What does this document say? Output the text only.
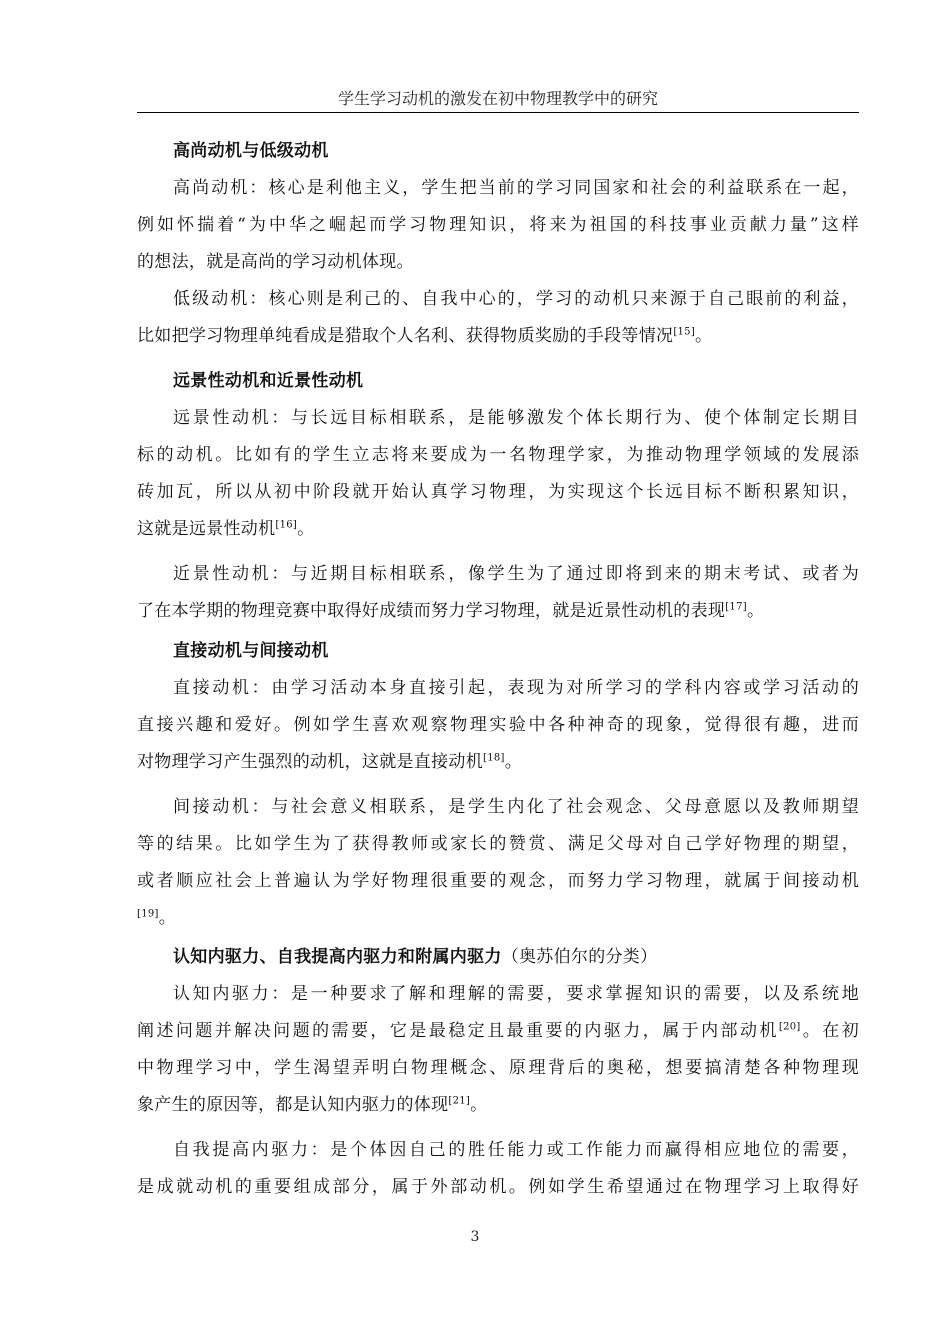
学生学习动机的激发在初中物理教学中的研究
高尚动机与低级动机
高尚动机：核心是利他主义，学生把当前的学习同国家和社会的利益联系在一起，
例如怀揣着“为中华之崛起而学习物理知识，将来为祖国的科技事业贡献力量”这样
的想法，就是高尚的学习动机体现。
低级动机：核心则是利己的、自我中心的，学习的动机只来源于自己眼前的利益，
比如把学习物理单纯看成是猎取个人名利、获得物质奖励的手段等情况[15]。
远景性动机和近景性动机
远景性动机：与长远目标相联系，是能够激发个体长期行为、使个体制定长期目
标的动机。比如有的学生立志将来要成为一名物理学家，为推动物理学领域的发展添
砖加瓦，所以从初中阶段就开始认真学习物理，为实现这个长远目标不断积累知识，
这就是远景性动机[16]。
近景性动机：与近期目标相联系，像学生为了通过即将到来的期末考试、或者为
了在本学期的物理竞赛中取得好成绩而努力学习物理，就是近景性动机的表现[17]。
直接动机与间接动机
直接动机：由学习活动本身直接引起，表现为对所学习的学科内容或学习活动的
直接兴趣和爱好。例如学生喜欢观察物理实验中各种神奇的现象，觉得很有趣，进而
对物理学习产生强烈的动机，这就是直接动机[18]。
间接动机：与社会意义相联系，是学生内化了社会观念、父母意愿以及教师期望
等的结果。比如学生为了获得教师或家长的赞赏、满足父母对自己学好物理的期望，
或者顺应社会上普遍认为学好物理很重要的观念，而努力学习物理，就属于间接动机
[19]。
认知内驱力、自我提高内驱力和附属内驱力（奥苏伯尔的分类）
认知内驱力：是一种要求了解和理解的需要，要求掌握知识的需要，以及系统地
阐述问题并解决问题的需要，它是最稳定且最重要的内驱力，属于内部动机[20]。在初
中物理学习中，学生渴望弄明白物理概念、原理背后的奥秘，想要搞清楚各种物理现
象产生的原因等，都是认知内驱力的体现[21]。
自我提高内驱力：是个体因自己的胜任能力或工作能力而赢得相应地位的需要，
是成就动机的重要组成部分，属于外部动机。例如学生希望通过在物理学习上取得好
3
